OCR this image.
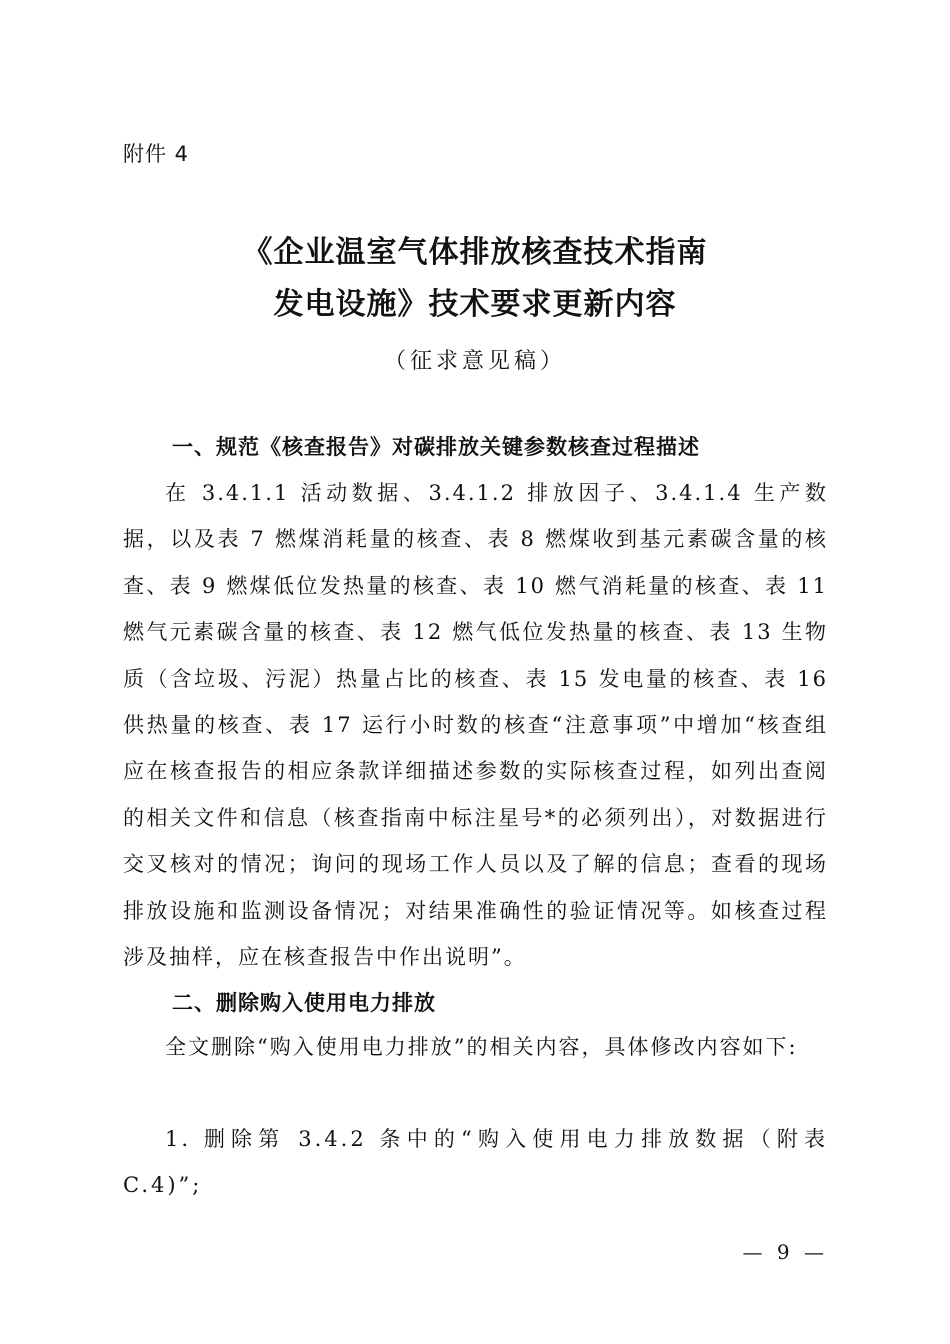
附件 4
《企业温室气体排放核查技术指南
发电设施》技术要求更新内容
（征求意见稿）
一、规范《核查报告》对碳排放关键参数核查过程描述
在 3.4.1.1 活动数据、3.4.1.2 排放因子、3.4.1.4 生产数据，以及表 7 燃煤消耗量的核查、表 8 燃煤收到基元素碳含量的核查、表 9 燃煤低位发热量的核查、表 10 燃气消耗量的核查、表 11 燃气元素碳含量的核查、表 12 燃气低位发热量的核查、表 13 生物质（含垃圾、污泥）热量占比的核查、表 15 发电量的核查、表 16 供热量的核查、表 17 运行小时数的核查“注意事项”中增加“核查组应在核查报告的相应条款详细描述参数的实际核查过程，如列出查阅的相关文件和信息（核查指南中标注星号*的必须列出），对数据进行交叉核对的情况；询问的现场工作人员以及了解的信息；查看的现场排放设施和监测设备情况；对结果准确性的验证情况等。如核查过程涉及抽样，应在核查报告中作出说明”。
二、删除购入使用电力排放
全文删除“购入使用电力排放”的相关内容，具体修改内容如下:
1. 删除第 3.4.2 条中的“购入使用电力排放数据（附表C.4)”;
— 9 —
